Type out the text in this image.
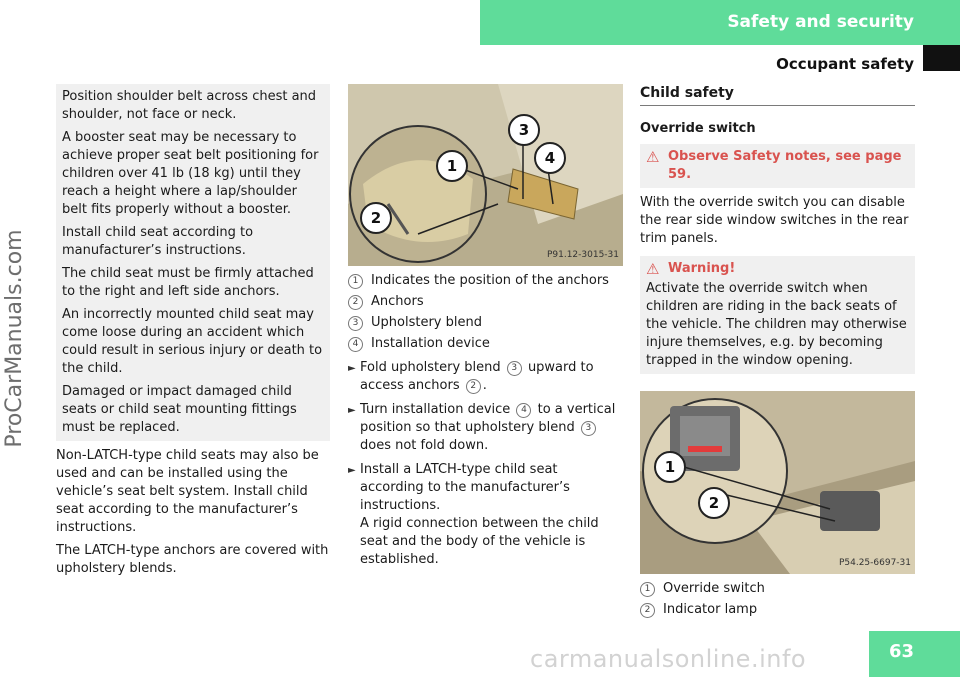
Safety and security
Occupant safety
ProCarManuals.com
63
carmanualsonline.info

Position shoulder belt across chest and shoulder, not face or neck.

A booster seat may be necessary to achieve proper seat belt positioning for children over 41 lb (18 kg) until they reach a height where a lap/shoulder belt fits properly without a booster.

Install child seat according to manufacturer’s instructions.

The child seat must be firmly attached to the right and left side anchors.

An incorrectly mounted child seat may come loose during an accident which could result in serious injury or death to the child.

Damaged or impact damaged child seats or child seat mounting fittings must be replaced.

Non-LATCH-type child seats may also be used and can be installed using the vehicle’s seat belt system. Install child seat according to the manufacturer’s instructions.

The LATCH-type anchors are covered with upholstery blends.

1
2
3
4
P91.12-3015-31
1 Indicates the position of the anchors
2 Anchors
3 Upholstery blend
4 Installation device
► Fold upholstery blend 3 upward to access anchors 2 .
► Turn installation device 4 to a vertical position so that upholstery blend 3 does not fold down.
► Install a LATCH-type child seat according to the manufacturer’s instructions.
A rigid connection between the child seat and the body of the vehicle is established.
Child safety
Override switch
⚠ Observe Safety notes, see page 59.

With the override switch you can disable the rear side window switches in the rear trim panels.

⚠ Warning!

Activate the override switch when children are riding in the back seats of the vehicle. The children may otherwise injure themselves, e.g. by becoming trapped in the window opening.

1
2
P54.25-6697-31
1 Override switch
2 Indicator lamp
